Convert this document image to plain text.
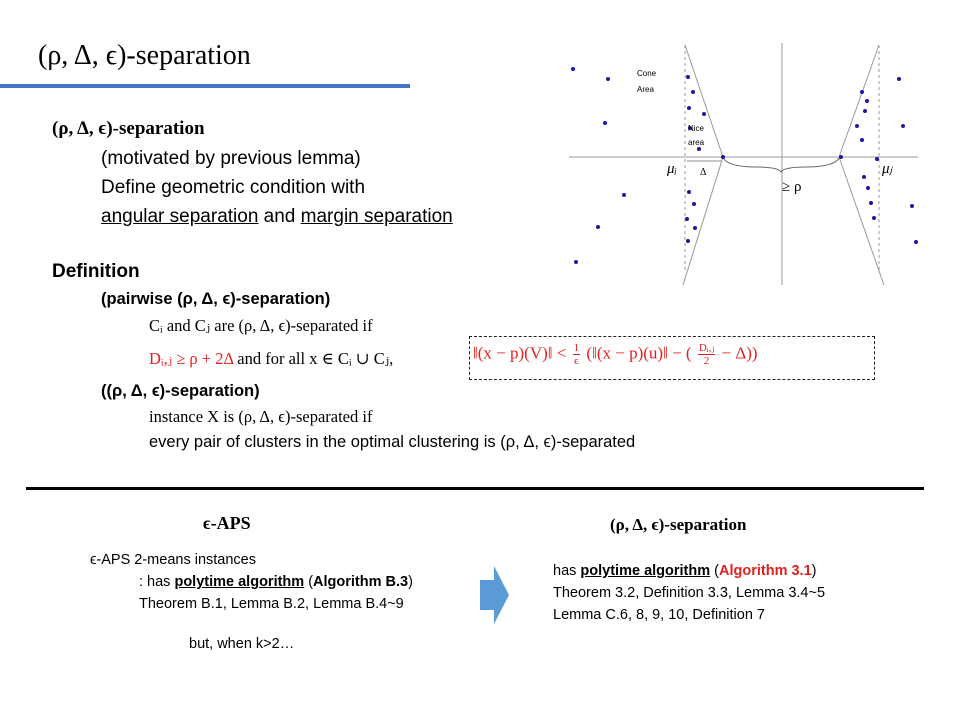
(ρ, Δ, ϵ)-separation
(ρ, Δ, ϵ)-separation
(motivated by previous lemma)
Define geometric condition with
angular separation and margin separation
Definition
(pairwise (ρ, Δ, ϵ)-separation)
Cᵢ and Cⱼ are (ρ, Δ, ϵ)-separated if
Dᵢ,ⱼ ≥ ρ + 2Δ and for all x ∈ Cᵢ ∪ Cⱼ,	‖(x − p)(V)‖ < $\frac{1}{\epsilon}$ (‖(x − p)(u)‖ − ( $\frac{\text{Dᵢ,ⱼ}}{2} - \Delta$))
((ρ, Δ, ϵ)-separation)
instance X is (ρ, Δ, ϵ)-separated if
every pair of clusters in the optimal clustering is (ρ, Δ, ϵ)-separated
Cone
Area
Nice
area
μᵢ	μⱼ
Δ
≥ ρ
ϵ-APS
ϵ-APS 2-means instances
: has polytime algorithm (Algorithm B.3)
Theorem B.1, Lemma B.2, Lemma B.4~9
but, when k>2…
(ρ, Δ, ϵ)-separation
has polytime algorithm (Algorithm 3.1)
Theorem 3.2, Definition 3.3, Lemma 3.4~5
Lemma C.6, 8, 9, 10, Definition 7
